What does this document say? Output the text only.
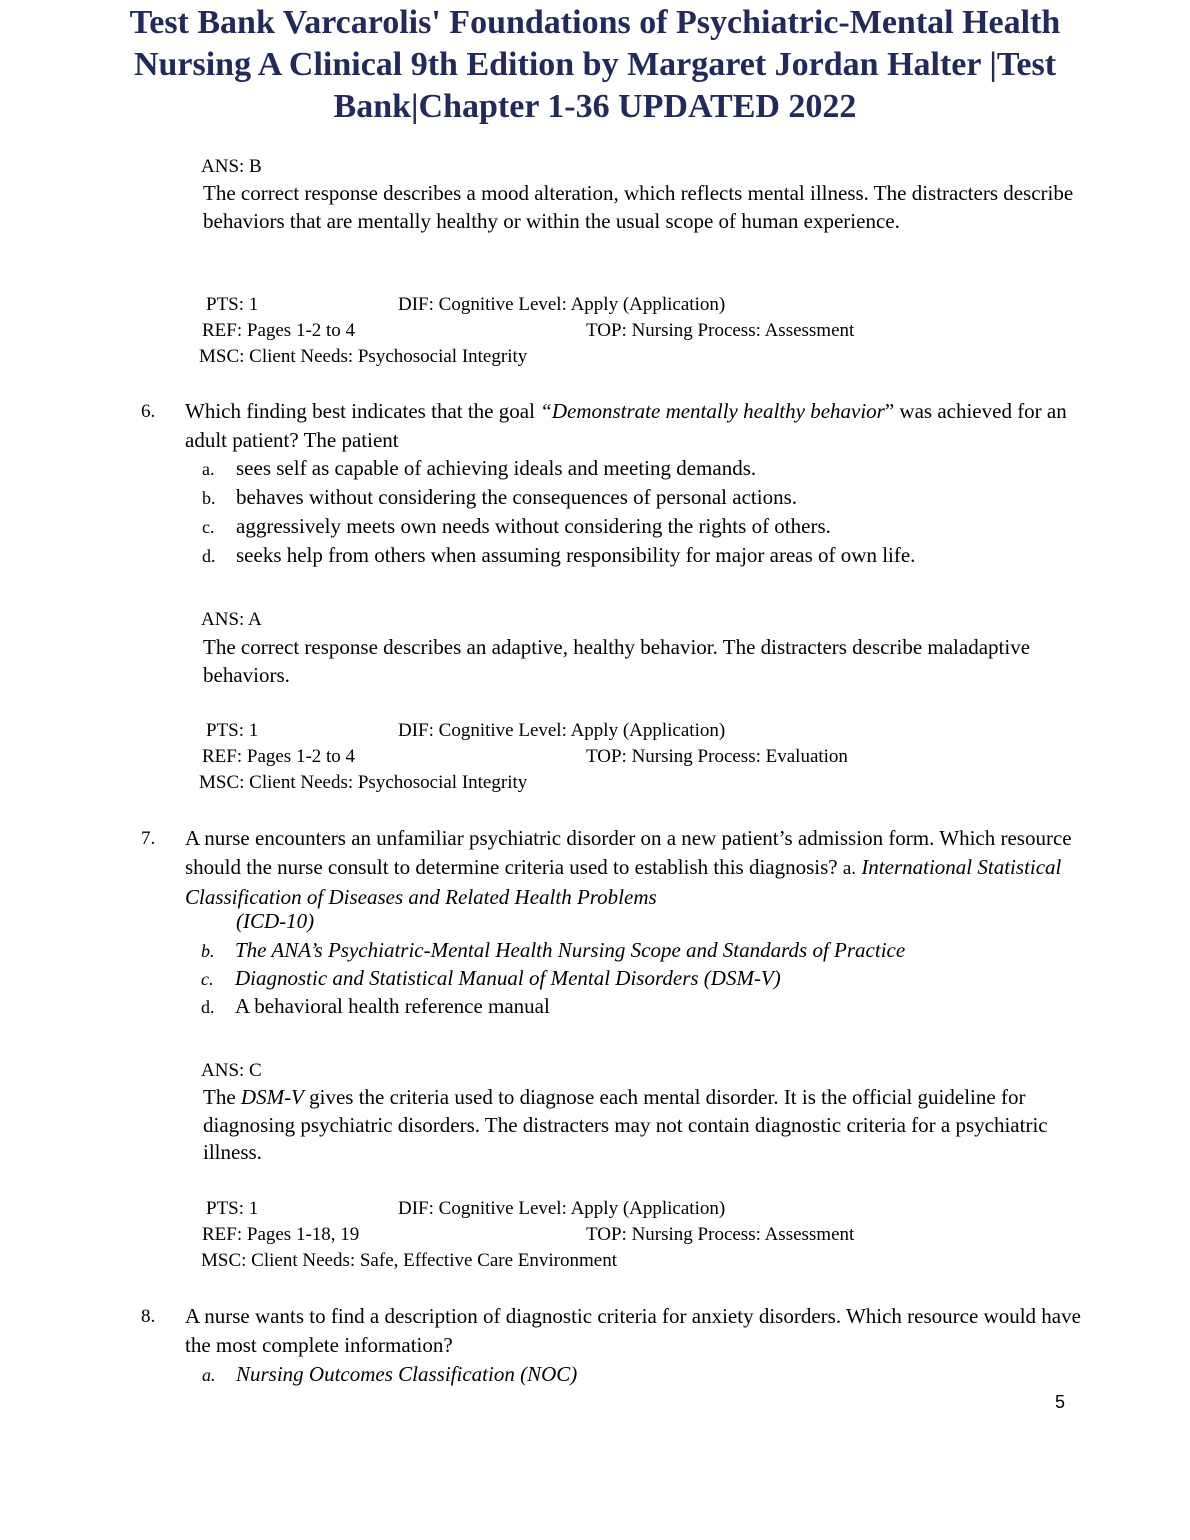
Test Bank Varcarolis' Foundations of Psychiatric-Mental Health Nursing A Clinical 9th Edition by Margaret Jordan Halter |Test Bank|Chapter 1-36 UPDATED 2022
ANS: B
The correct response describes a mood alteration, which reflects mental illness. The distracters describe behaviors that are mentally healthy or within the usual scope of human experience.
PTS: 1	DIF: Cognitive Level: Apply (Application)
REF: Pages 1-2 to 4	TOP: Nursing Process: Assessment
MSC: Client Needs: Psychosocial Integrity
6. Which finding best indicates that the goal “Demonstrate mentally healthy behavior” was achieved for an adult patient? The patient
a. sees self as capable of achieving ideals and meeting demands.
b. behaves without considering the consequences of personal actions.
c. aggressively meets own needs without considering the rights of others.
d. seeks help from others when assuming responsibility for major areas of own life.
ANS: A
The correct response describes an adaptive, healthy behavior. The distracters describe maladaptive behaviors.
PTS: 1	DIF: Cognitive Level: Apply (Application)
REF: Pages 1-2 to 4	TOP: Nursing Process: Evaluation
MSC: Client Needs: Psychosocial Integrity
7. A nurse encounters an unfamiliar psychiatric disorder on a new patient’s admission form. Which resource should the nurse consult to determine criteria used to establish this diagnosis? a. International Statistical Classification of Diseases and Related Health Problems
(ICD-10)
b. The ANA’s Psychiatric-Mental Health Nursing Scope and Standards of Practice
c. Diagnostic and Statistical Manual of Mental Disorders (DSM-V)
d. A behavioral health reference manual
ANS: C
The DSM-V gives the criteria used to diagnose each mental disorder. It is the official guideline for diagnosing psychiatric disorders. The distracters may not contain diagnostic criteria for a psychiatric illness.
PTS: 1	DIF: Cognitive Level: Apply (Application)
REF: Pages 1-18, 19	TOP: Nursing Process: Assessment
MSC: Client Needs: Safe, Effective Care Environment
8. A nurse wants to find a description of diagnostic criteria for anxiety disorders. Which resource would have the most complete information?
a. Nursing Outcomes Classification (NOC)
5
